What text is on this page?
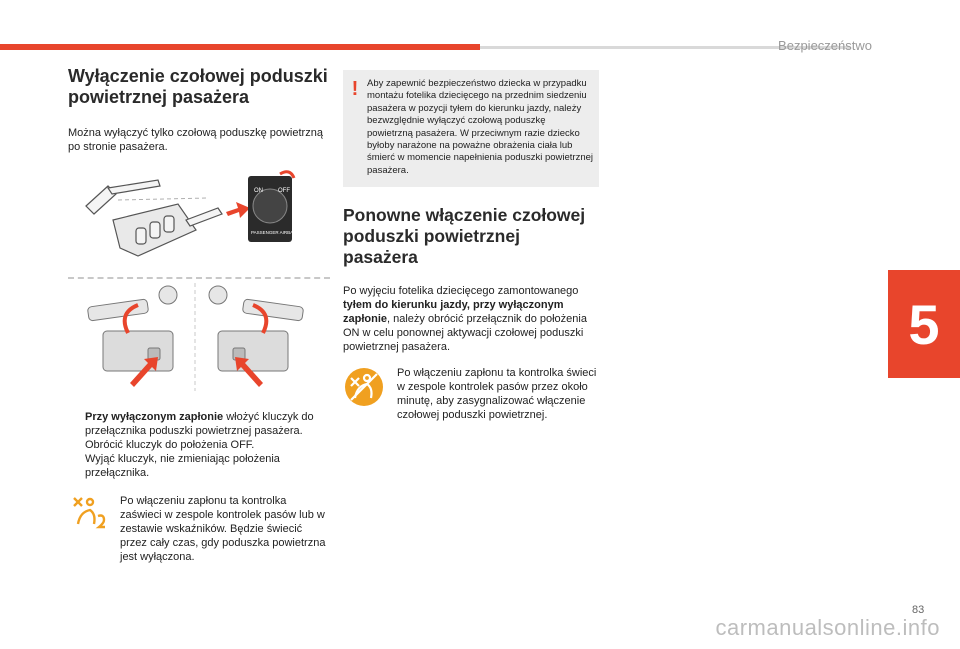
Bezpieczeństwo
5
83
carmanualsonline.info
Wyłączenie czołowej poduszki powietrznej pasażera

Można wyłączyć tylko czołową poduszkę powietrzną po stronie pasażera.

ON	OFF
PASSENGER AIRBAG
Przy wyłączonym zapłonie włożyć kluczyk do przełącznika poduszki powietrznej pasażera.
Obrócić kluczyk do położenia OFF.
Wyjąć kluczyk, nie zmieniając położenia przełącznika.

Po włączeniu zapłonu ta kontrolka zaświeci w zespole kontrolek pasów lub w zestawie wskaźników. Będzie świecić przez cały czas, gdy poduszka powietrzna jest wyłączona.

! Aby zapewnić bezpieczeństwo dziecka w przypadku montażu fotelika dziecięcego na przednim siedzeniu pasażera w pozycji tyłem do kierunku jazdy, należy bezwzględnie wyłączyć czołową poduszkę powietrzną pasażera. W przeciwnym razie dziecko byłoby narażone na poważne obrażenia ciała lub śmierć w momencie napełnienia poduszki powietrznej pasażera.

Ponowne włączenie czołowej poduszki powietrznej pasażera

Po wyjęciu fotelika dziecięcego zamontowanego tyłem do kierunku jazdy, przy wyłączonym zapłonie, należy obrócić przełącznik do położenia ON w celu ponownej aktywacji czołowej poduszki powietrznej pasażera.

Po włączeniu zapłonu ta kontrolka świeci w zespole kontrolek pasów przez około minutę, aby zasygnalizować włączenie czołowej poduszki powietrznej.
